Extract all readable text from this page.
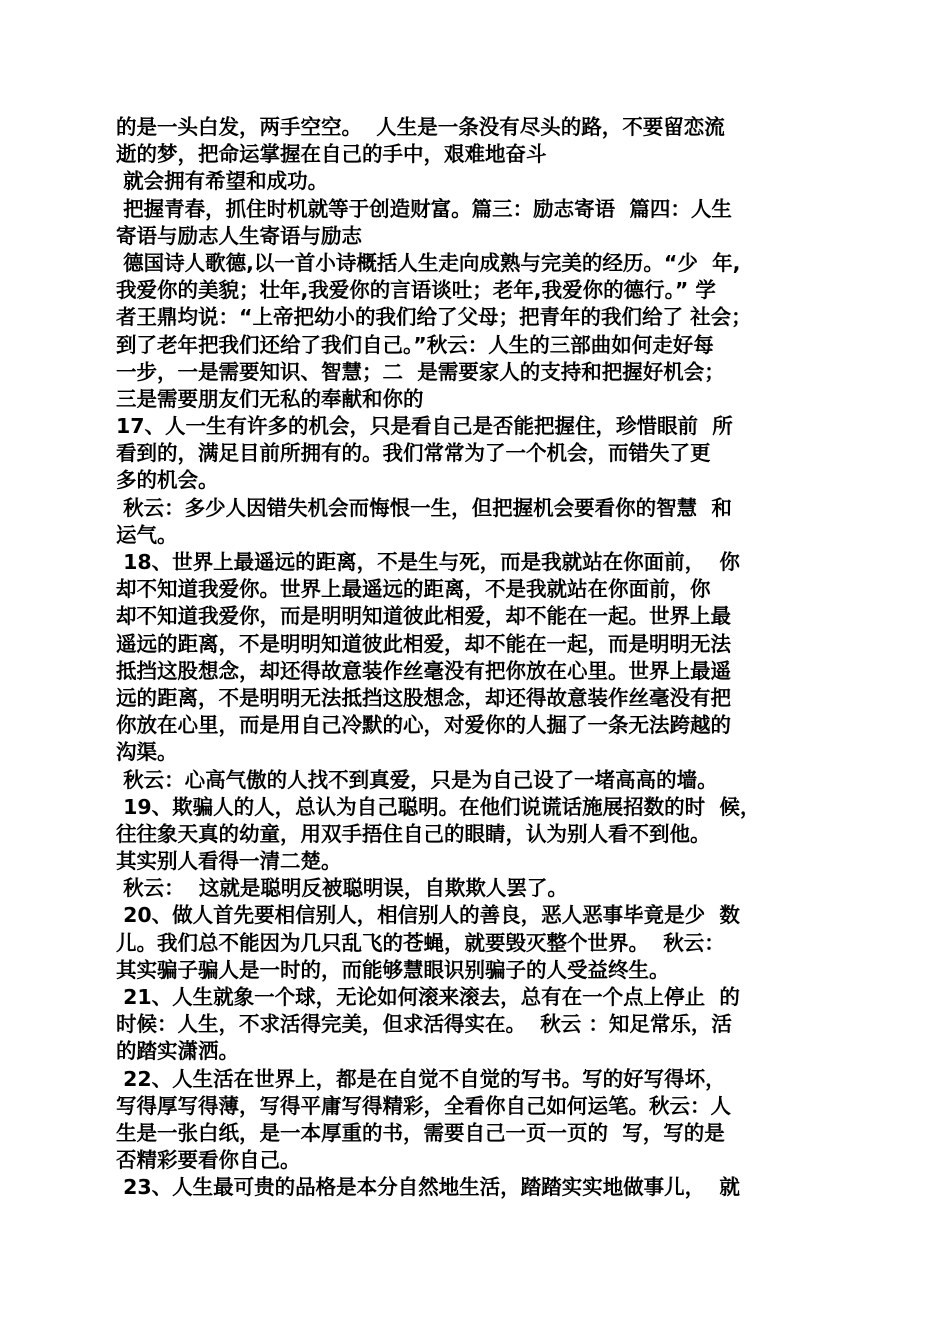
的是一头白发，两手空空。  人生是一条没有尽头的路，不要留恋流
逝的梦，把命运掌握在自己的手中，艰难地奋斗
就会拥有希望和成功。
把握青春，抓住时机就等于创造财富。篇三：励志寄语  篇四：人生
寄语与励志人生寄语与励志
德国诗人歌德,以一首小诗概括人生走向成熟与完美的经历。“少  年,
我爱你的美貌；壮年,我爱你的言语谈吐；老年,我爱你的德行。” 学
者王鼎均说：“上帝把幼小的我们给了父母；把青年的我们给了 社会；
到了老年把我们还给了我们自己。”秋云：人生的三部曲如何走好每
一步，一是需要知识、智慧；二  是需要家人的支持和把握好机会；
三是需要朋友们无私的奉献和你的
17、人一生有许多的机会，只是看自己是否能把握住，珍惜眼前  所
看到的，满足目前所拥有的。我们常常为了一个机会，而错失了更
多的机会。
秋云：多少人因错失机会而悔恨一生，但把握机会要看你的智慧  和
运气。
18、世界上最遥远的距离，不是生与死，而是我就站在你面前，  你
却不知道我爱你。世界上最遥远的距离，不是我就站在你面前，你
却不知道我爱你，而是明明知道彼此相爱，却不能在一起。世界上最
遥远的距离，不是明明知道彼此相爱，却不能在一起，而是明明无法
抵挡这股想念，却还得故意装作丝毫没有把你放在心里。世界上最遥
远的距离，不是明明无法抵挡这股想念，却还得故意装作丝毫没有把
你放在心里，而是用自己冷默的心，对爱你的人掘了一条无法跨越的
沟渠。
秋云：心高气傲的人找不到真爱，只是为自己设了一堵高高的墙。
19、欺骗人的人，总认为自己聪明。在他们说谎话施展招数的时  候，
往往象天真的幼童，用双手捂住自己的眼睛，认为别人看不到他。
其实别人看得一清二楚。
秋云：  这就是聪明反被聪明误，自欺欺人罢了。
20、做人首先要相信别人，相信别人的善良，恶人恶事毕竟是少  数
儿。我们总不能因为几只乱飞的苍蝇，就要毁灭整个世界。  秋云：
其实骗子骗人是一时的，而能够慧眼识别骗子的人受益终生。
21、人生就象一个球，无论如何滚来滚去，总有在一个点上停止  的
时候：人生，不求活得完美，但求活得实在。  秋云 ：知足常乐，活
的踏实潇洒。
22、人生活在世界上，都是在自觉不自觉的写书。写的好写得坏，
写得厚写得薄，写得平庸写得精彩，全看你自己如何运笔。秋云：人
生是一张白纸，是一本厚重的书，需要自己一页一页的  写，写的是
否精彩要看你自己。
23、人生最可贵的品格是本分自然地生活，踏踏实实地做事儿，  就
